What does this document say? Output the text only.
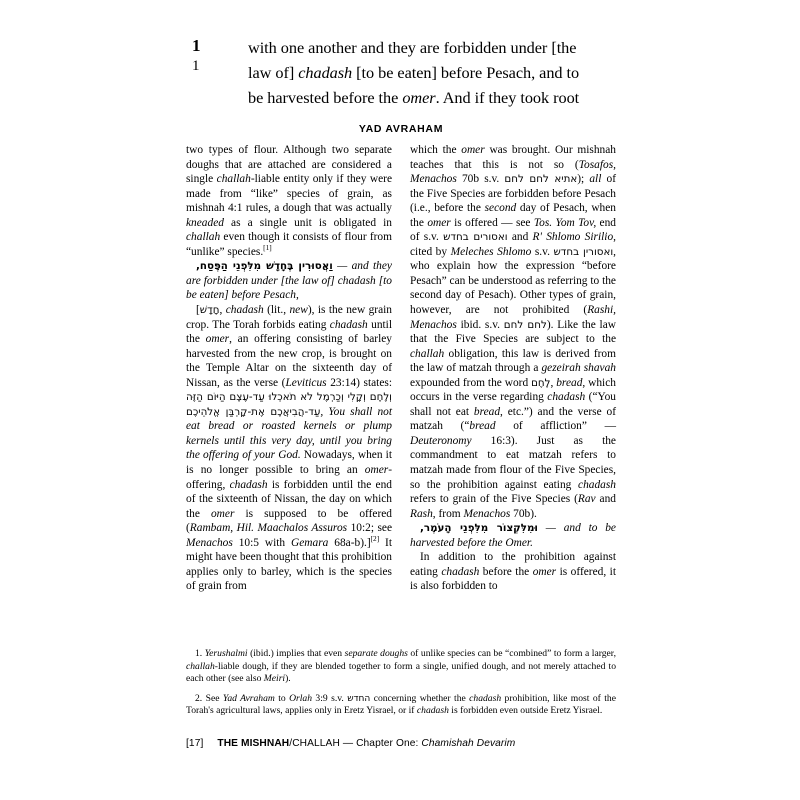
1
1
with one another and they are forbidden under [the
law of] chadash [to be eaten] before Pesach, and to
be harvested before the omer. And if they took root
YAD AVRAHAM

two types of flour. Although two separate doughs that are attached are considered a single challah-liable entity only if they were made from “like” species of grain, as mishnah 4:1 rules, a dough that was actually kneaded as a single unit is obligated in challah even though it consists of flour from “unlike” species.[1]

וַאֲסוּרִין בֶּחָדָשׁ מִלִּפְנֵי הַפֶּסַח, — and they are forbidden under [the law of] chadash [to be eaten] before Pesach,

[חָדָשׁ, chadash (lit., new), is the new grain crop. The Torah forbids eating chadash until the omer, an offering consisting of barley harvested from the new crop, is brought on the Temple Altar on the sixteenth day of Nissan, as the verse (Leviticus 23:14) states: וְלֶחֶם וְקָלִי וְכַרְמֶל לֹא תֹאכְלוּ עַד-עֶצֶם הַיּוֹם הַזֶּה עַד-הֲבִיאֲכֶם אֶת-קָרְבַּן אֱלֹהֵיכֶם, You shall not eat bread or roasted kernels or plump kernels until this very day, until you bring the offering of your God. Nowadays, when it is no longer possible to bring an omer-offering, chadash is forbidden until the end of the sixteenth of Nissan, the day on which the omer is supposed to be offered (Rambam, Hil. Maachalos Assuros 10:2; see Menachos 10:5 with Gemara 68a-b).][2] It might have been thought that this prohibition applies only to barley, which is the species of grain from

which the omer was brought. Our mishnah teaches that this is not so (Tosafos, Menachos 70b s.v. אתיא לחם לחם); all of the Five Species are forbidden before Pesach (i.e., before the second day of Pesach, when the omer is offered — see Tos. Yom Tov, end of s.v. ואסורים בחדש and R' Shlomo Sirilio, cited by Meleches Shlomo s.v. ואסורין בחדש, who explain how the expression “before Pesach” can be understood as referring to the second day of Pesach). Other types of grain, however, are not prohibited (Rashi, Menachos ibid. s.v. לחם לחם). Like the law that the Five Species are subject to the challah obligation, this law is derived from the law of matzah through a gezeirah shavah expounded from the word לֶחֶם, bread, which occurs in the verse regarding chadash (“You shall not eat bread, etc.”) and the verse of matzah (“bread of affliction” — Deuteronomy 16:3). Just as the commandment to eat matzah refers to matzah made from flour of the Five Species, so the prohibition against eating chadash refers to grain of the Five Species (Rav and Rash, from Menachos 70b).

וּמִלִּקְצוֹר מִלִּפְנֵי הָעֹמֶר, — and to be harvested before the Omer.

In addition to the prohibition against eating chadash before the omer is offered, it is also forbidden to

1. Yerushalmi (ibid.) implies that even separate doughs of unlike species can be “combined” to form a larger, challah-liable dough, if they are blended together to form a single, unified dough, and not merely attached to each other (see also Meiri).

2. See Yad Avraham to Orlah 3:9 s.v. החדש concerning whether the chadash prohibition, like most of the Torah's agricultural laws, applies only in Eretz Yisrael, or if chadash is forbidden even outside Eretz Yisrael.

[17] THE MISHNAH/CHALLAH — Chapter One: Chamishah Devarim
